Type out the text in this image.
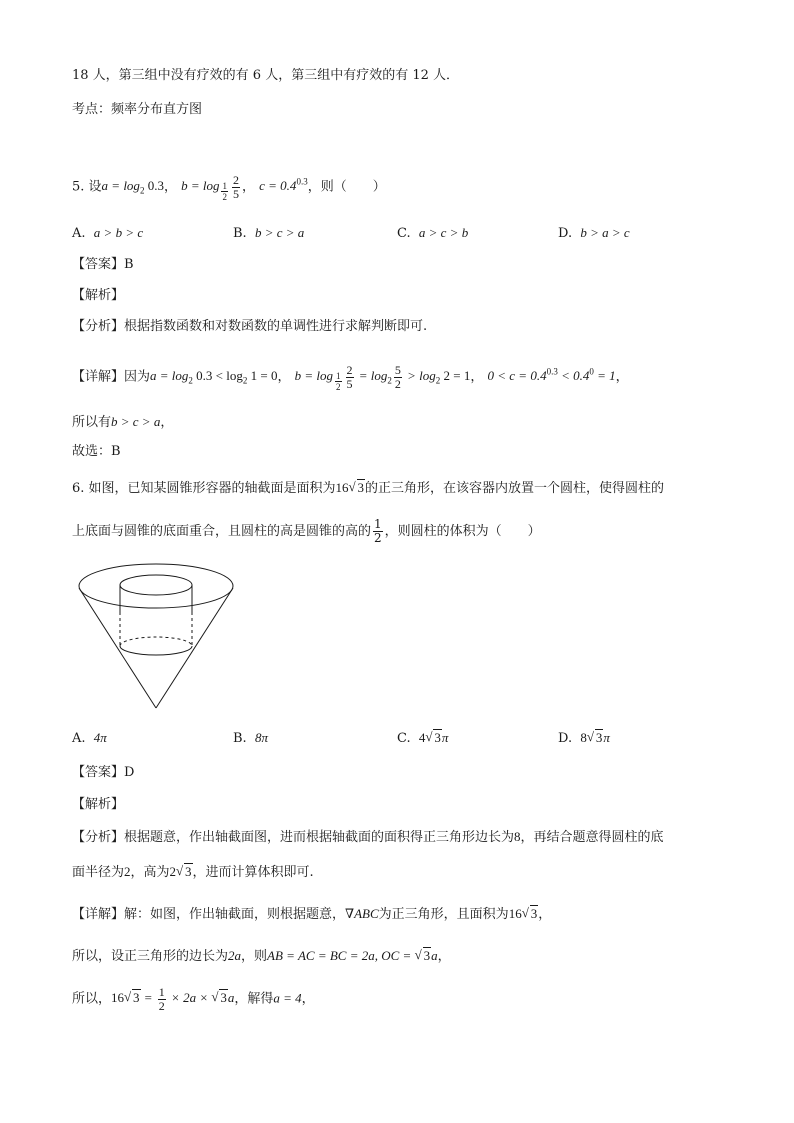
18 人，第三组中没有疗效的有 6 人，第三组中有疗效的有 12 人．
考点：频率分布直方图
5. 设$a = \log_2 0.3$， $b = \log \frac{1}{2} \frac{2}{5}$ ， $c = 0.4^{0.3}$，则（　　）
A. a > b > c	B. b > c > a	C. a > c > b	D. b > a > c
【答案】B
【解析】
【分析】根据指数函数和对数函数的单调性进行求解判断即可.
【详解】因为$a = \log_2 0.3 < \log_2 1 = 0$， $b = \log \frac{1}{2} \frac{2}{5} = \log_2 \frac{5}{2} > \log_2 2 = 1$， $0 < c = 0.4^{0.3} < 0.4^0 = 1$，
所以有b > c > a，
故选：B
6. 如图，已知某圆锥形容器的轴截面是面积为16 √ 3的正三角形，在该容器内放置一个圆柱，使得圆柱的
上底面与圆锥的底面重合，且圆柱的高是圆锥的高的 $\frac{1}{2}$ ，则圆柱的体积为（　　）
A. 4π	B. 8π	C. 4 √ 3π	D. 8 √ 3π
【答案】D
【解析】
【分析】根据题意，作出轴截面图，进而根据轴截面的面积得正三角形边长为8，再结合题意得圆柱的底
面半径为2，高为2 √ 3，进而计算体积即可.
【详解】解：如图，作出轴截面，则根据题意，∇ABC为正三角形，且面积为16 √ 3，
所以，设正三角形的边长为2a，则AB = AC = BC = 2a, OC = √ 3a，
所以，16 √ $3 = \frac{1}{2} \times 2a$ × √ 3a，解得a = 4，
